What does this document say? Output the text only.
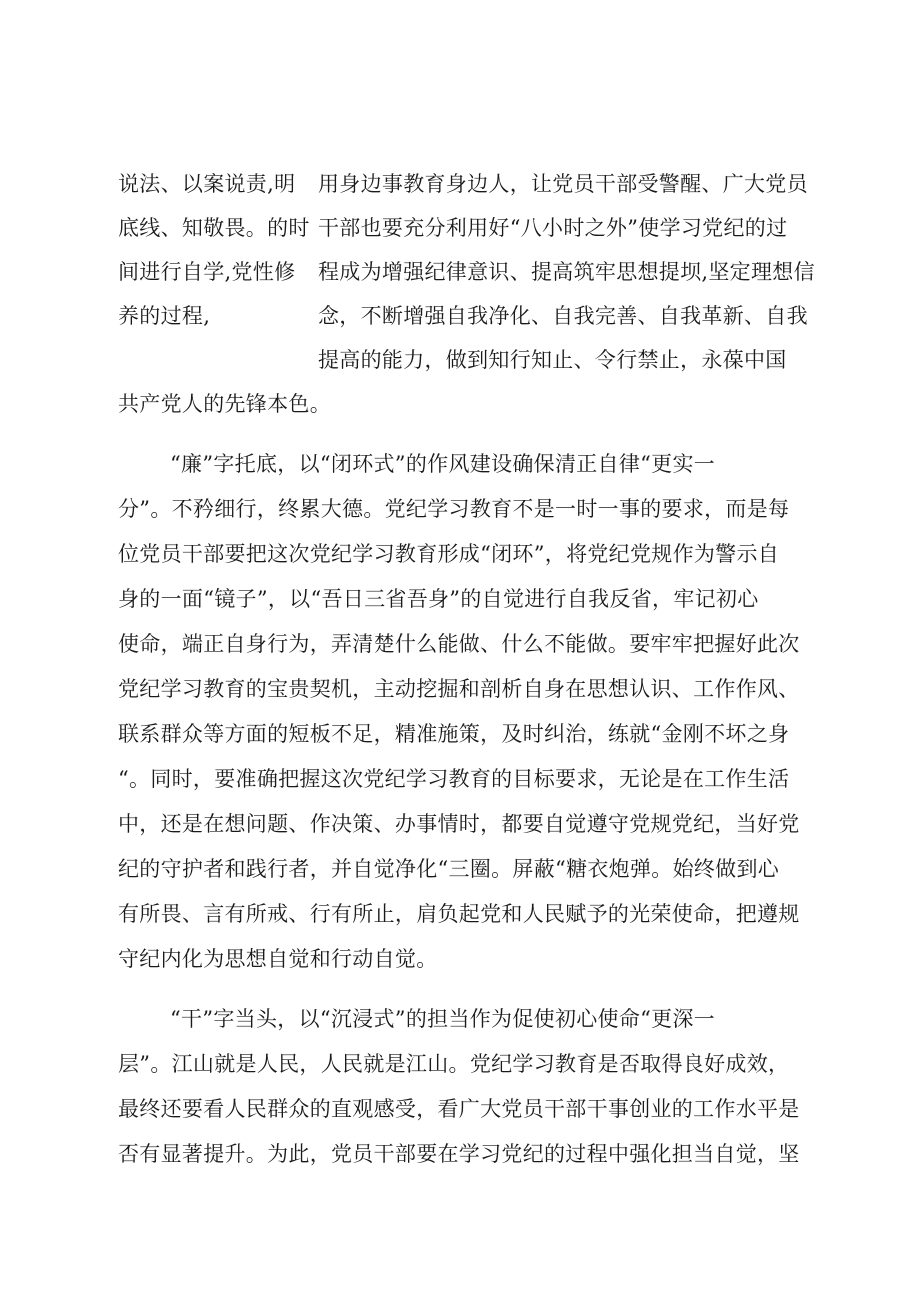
说法、以案说责,明
底线、知敬畏。的时
间进行自学,党性修
养的过程,
用身边事教育身边人，让党员干部受警醒、广大党员
干部也要充分利用好“八小时之外”使学习党纪的过
程成为增强纪律意识、提高筑牢思想提坝,坚定理想信
念，不断增强自我净化、自我完善、自我革新、自我
提高的能力，做到知行知止、令行禁止，永葆中国
共产党人的先锋本色。
“廉”字托底，以“闭环式”的作风建设确保清正自律“更实一
分”。不矜细行，终累大德。党纪学习教育不是一时一事的要求，而是每
位党员干部要把这次党纪学习教育形成“闭环”，将党纪党规作为警示自
身的一面“镜子”，以“吾日三省吾身”的自觉进行自我反省，牢记初心
使命，端正自身行为，弄清楚什么能做、什么不能做。要牢牢把握好此次
党纪学习教育的宝贵契机，主动挖掘和剖析自身在思想认识、工作作风、
联系群众等方面的短板不足，精准施策，及时纠治，练就“金刚不坏之身
“。同时，要准确把握这次党纪学习教育的目标要求，无论是在工作生活
中，还是在想问题、作决策、办事情时，都要自觉遵守党规党纪，当好党
纪的守护者和践行者，并自觉净化“三圈。屏蔽“糖衣炮弹。始终做到心
有所畏、言有所戒、行有所止，肩负起党和人民赋予的光荣使命，把遵规
守纪内化为思想自觉和行动自觉。
“干”字当头，以“沉浸式”的担当作为促使初心使命“更深一
层”。江山就是人民，人民就是江山。党纪学习教育是否取得良好成效，
最终还要看人民群众的直观感受，看广大党员干部干事创业的工作水平是
否有显著提升。为此，党员干部要在学习党纪的过程中强化担当自觉，坚
